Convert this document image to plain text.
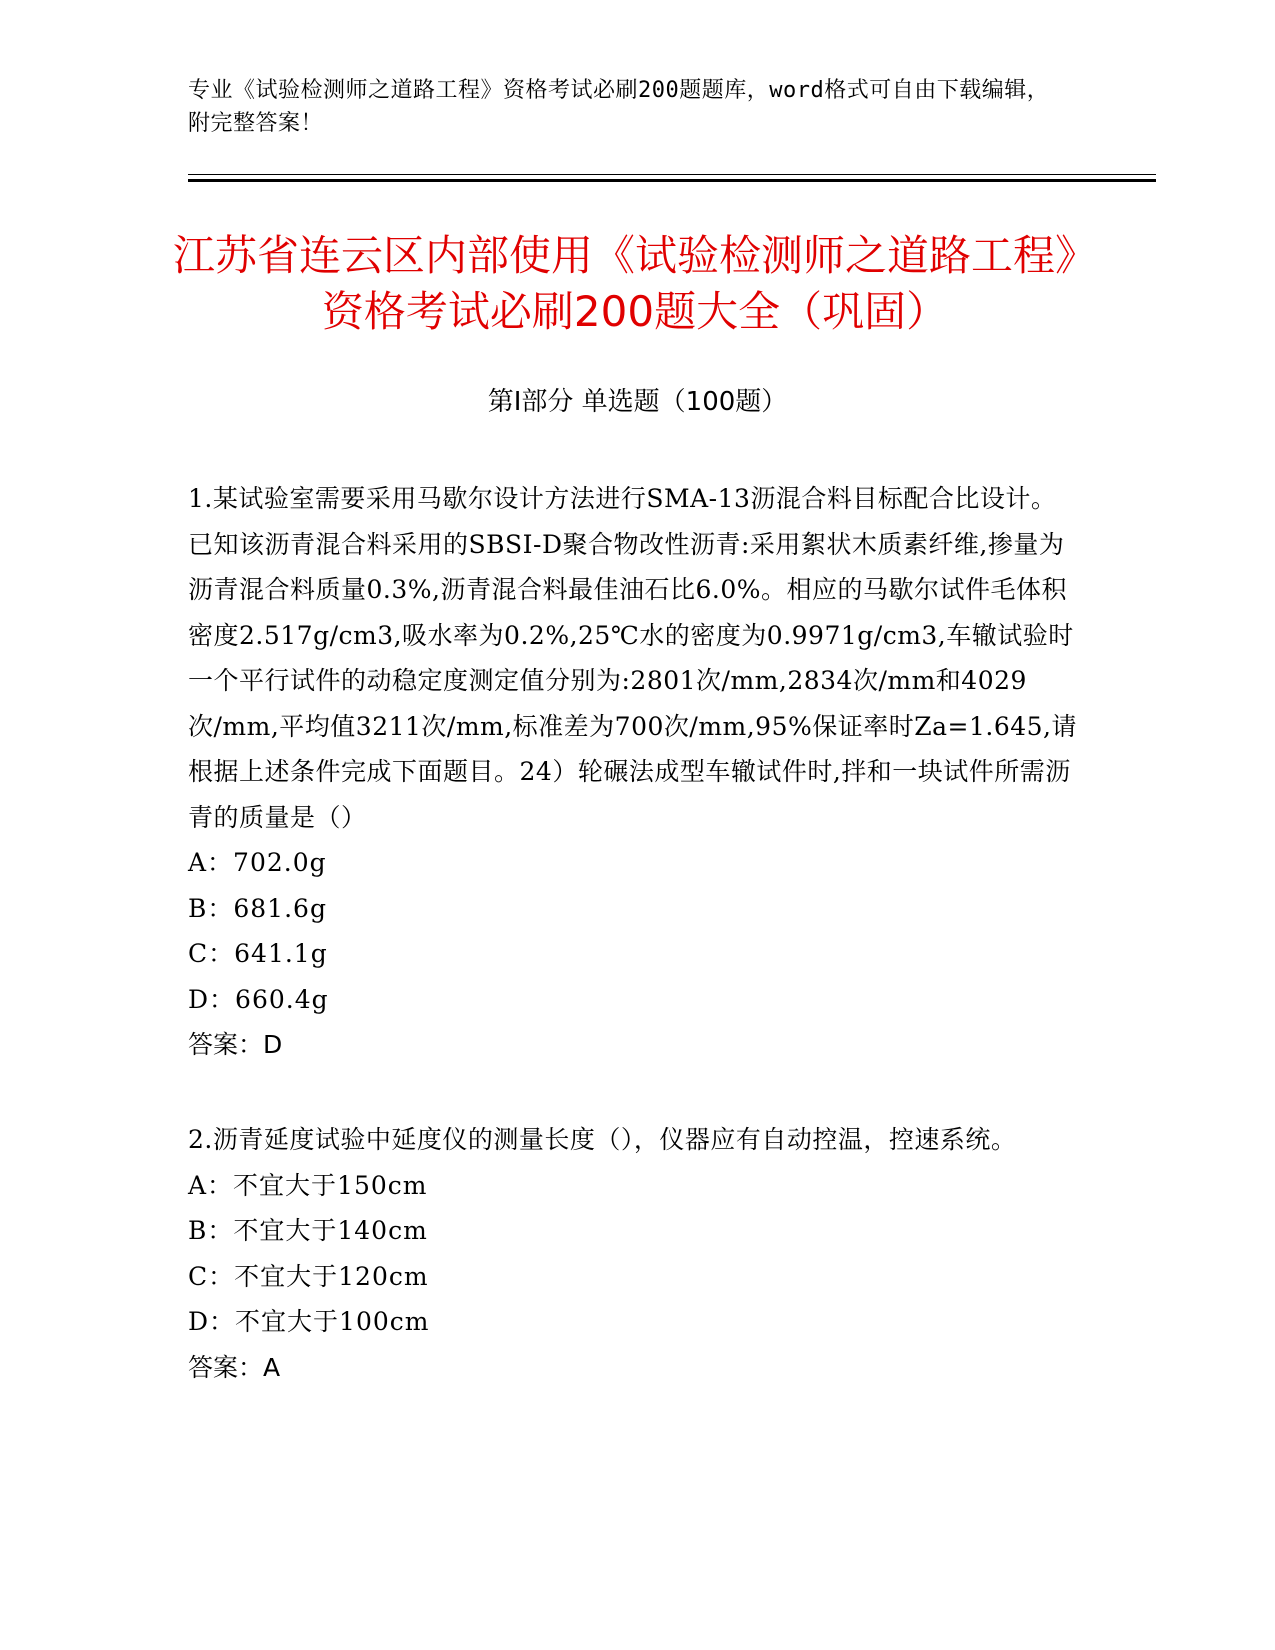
专业《试验检测师之道路工程》资格考试必刷200题题库，word格式可自由下载编辑，附完整答案！
江苏省连云区内部使用《试验检测师之道路工程》资格考试必刷200题大全（巩固）
第Ⅰ部分 单选题（100题）

1.某试验室需要采用马歇尔设计方法进行SMA-13沥混合料目标配合比设计。已知该沥青混合料采用的SBSI-D聚合物改性沥青:采用絮状木质素纤维,掺量为沥青混合料质量0.3%,沥青混合料最佳油石比6.0%。相应的马歇尔试件毛体积密度2.517g/cm3,吸水率为0.2%,25℃水的密度为0.9971g/cm3,车辙试验时一个平行试件的动稳定度测定值分别为:2801次/mm,2834次/mm和4029次/mm,平均值3211次/mm,标准差为700次/mm,95%保证率时Za=1.645,请根据上述条件完成下面题目。24）轮碾法成型车辙试件时,拌和一块试件所需沥青的质量是（）

A：702.0g

B：681.6g

C：641.1g

D：660.4g

答案：D

2.沥青延度试验中延度仪的测量长度（），仪器应有自动控温，控速系统。

A：不宜大于150cm

B：不宜大于140cm

C：不宜大于120cm

D：不宜大于100cm

答案：A
